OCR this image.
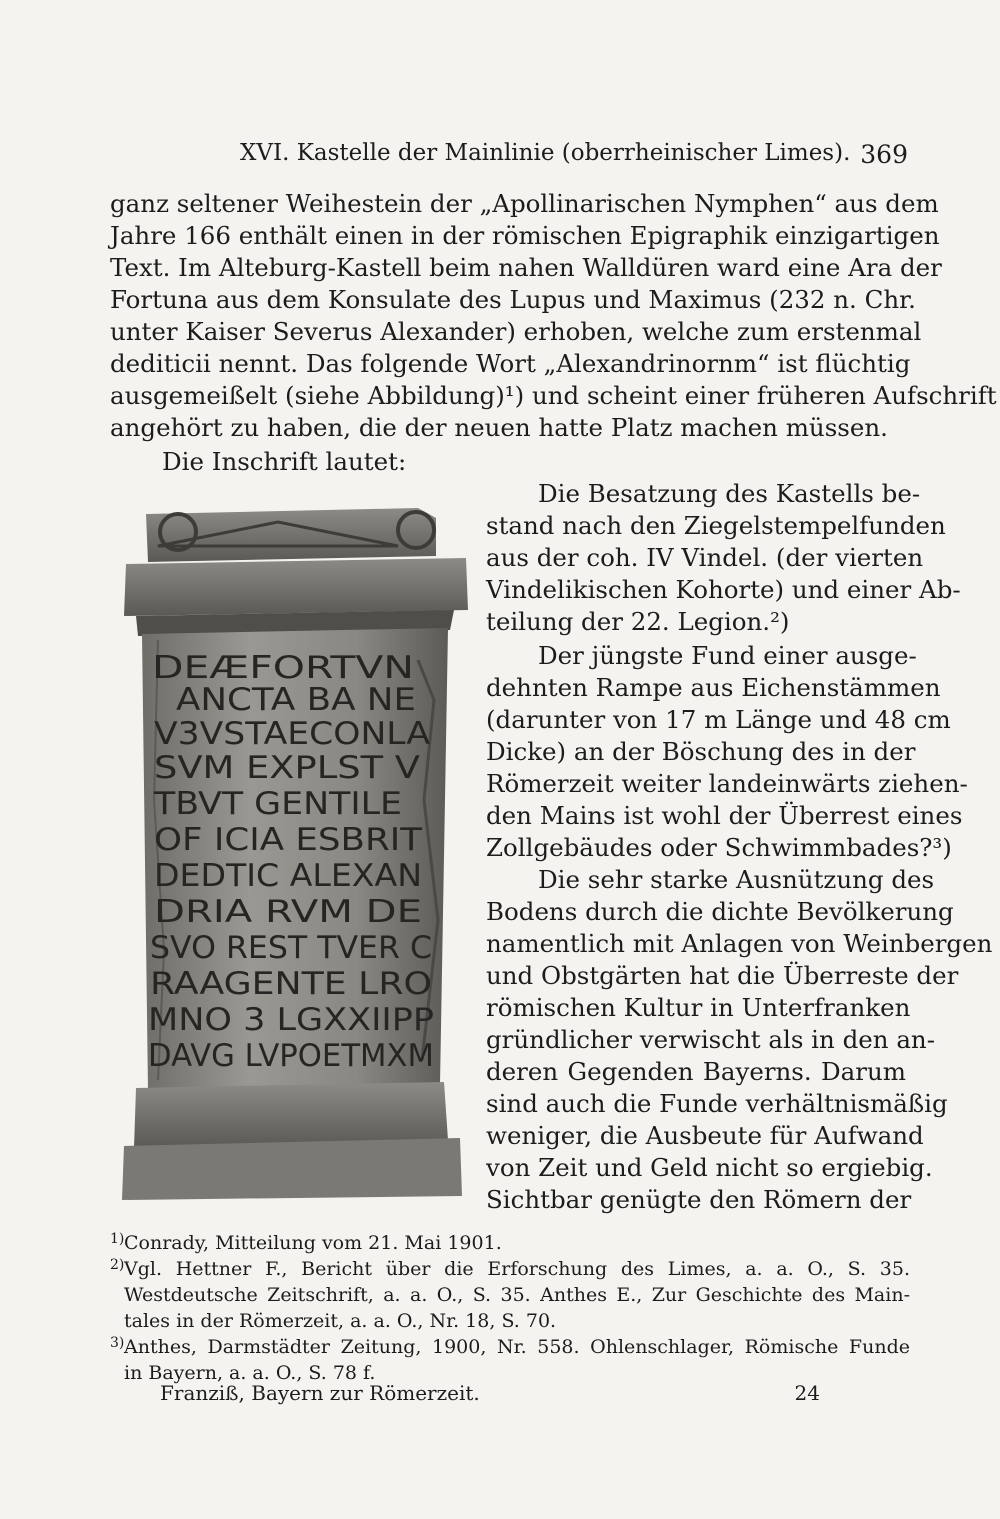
XVI. Kastelle der Mainlinie (oberrheinischer Limes). 369
ganz seltener Weihestein der „Apollinarischen Nymphen“ aus dem
Jahre 166 enthält einen in der römischen Epigraphik einzigartigen
Text. Im Alteburg-Kastell beim nahen Walldüren ward eine Ara der
Fortuna aus dem Konsulate des Lupus und Maximus (232 n. Chr.
unter Kaiser Severus Alexander) erhoben, welche zum erstenmal
dediticii nennt. Das folgende Wort „Alexandrinornm“ ist flüchtig
ausgemeißelt (siehe Abbildung)¹) und scheint einer früheren Aufschrift
angehört zu haben, die der neuen hatte Platz machen müssen.
Die Inschrift lautet:
DEÆFORTVN
ANCTA BA NE
V3VSTAECONLA
SVM EXPLST V
TBVT GENTILE
OF ICIA ESBRIT
DEDTIC ALEXAN
DRIA RVM DE
SVO REST TVER C
RAAGENTE LRO
MNO 3 LGXXIIPP
DAVG LVPOETMXM
Die Besatzung des Kastells be-
stand nach den Ziegelstempelfunden
aus der coh. IV Vindel. (der vierten
Vindelikischen Kohorte) und einer Ab-
teilung der 22. Legion.²)
Der jüngste Fund einer ausge-
dehnten Rampe aus Eichenstämmen
(darunter von 17 m Länge und 48 cm
Dicke) an der Böschung des in der
Römerzeit weiter landeinwärts ziehen-
den Mains ist wohl der Überrest eines
Zollgebäudes oder Schwimmbades?³)
Die sehr starke Ausnützung des
Bodens durch die dichte Bevölkerung
namentlich mit Anlagen von Weinbergen
und Obstgärten hat die Überreste der
römischen Kultur in Unterfranken
gründlicher verwischt als in den an-
deren Gegenden Bayerns. Darum
sind auch die Funde verhältnismäßig
weniger, die Ausbeute für Aufwand
von Zeit und Geld nicht so ergiebig.
Sichtbar genügte den Römern der
1) Conrady, Mitteilung vom 21. Mai 1901.
2) Vgl. Hettner F., Bericht über die Erforschung des Limes, a. a. O., S. 35.
Westdeutsche Zeitschrift, a. a. O., S. 35. Anthes E., Zur Geschichte des Main-
tales in der Römerzeit, a. a. O., Nr. 18, S. 70.
3) Anthes, Darmstädter Zeitung, 1900, Nr. 558. Ohlenschlager, Römische Funde
in Bayern, a. a. O., S. 78 f.
Franziß, Bayern zur Römerzeit.	24
